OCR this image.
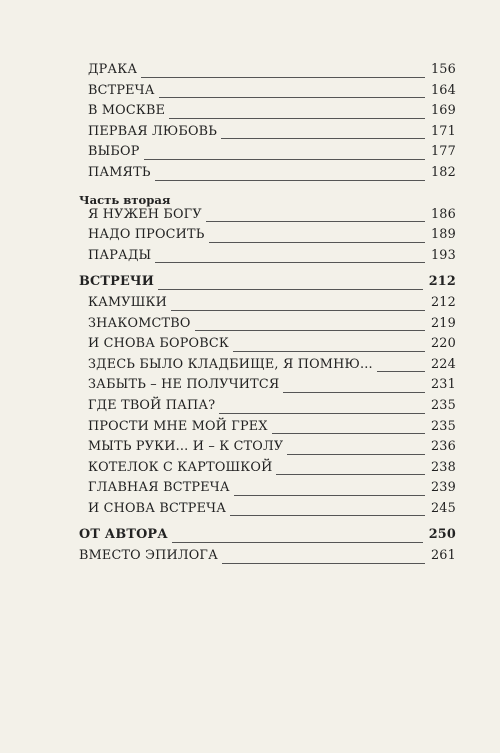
ДРАКА	156
ВСТРЕЧА	164
В МОСКВЕ	169
ПЕРВАЯ ЛЮБОВЬ	171
ВЫБОР	177
ПАМЯТЬ	182
Часть вторая
Я НУЖЕН БОГУ	186
НАДО ПРОСИТЬ	189
ПАРАДЫ	193
ВСТРЕЧИ	212
КАМУШКИ	212
ЗНАКОМСТВО	219
И СНОВА БОРОВСК	220
ЗДЕСЬ БЫЛО КЛАДБИЩЕ, Я ПОМНЮ...	224
ЗАБЫТЬ – НЕ ПОЛУЧИТСЯ	231
ГДЕ ТВОЙ ПАПА?	235
ПРОСТИ МНЕ МОЙ ГРЕХ	235
МЫТЬ РУКИ... И – К СТОЛУ	236
КОТЕЛОК С КАРТОШКОЙ	238
ГЛАВНАЯ ВСТРЕЧА	239
И СНОВА ВСТРЕЧА	245
ОТ АВТОРА	250
ВМЕСТО ЭПИЛОГА	261
